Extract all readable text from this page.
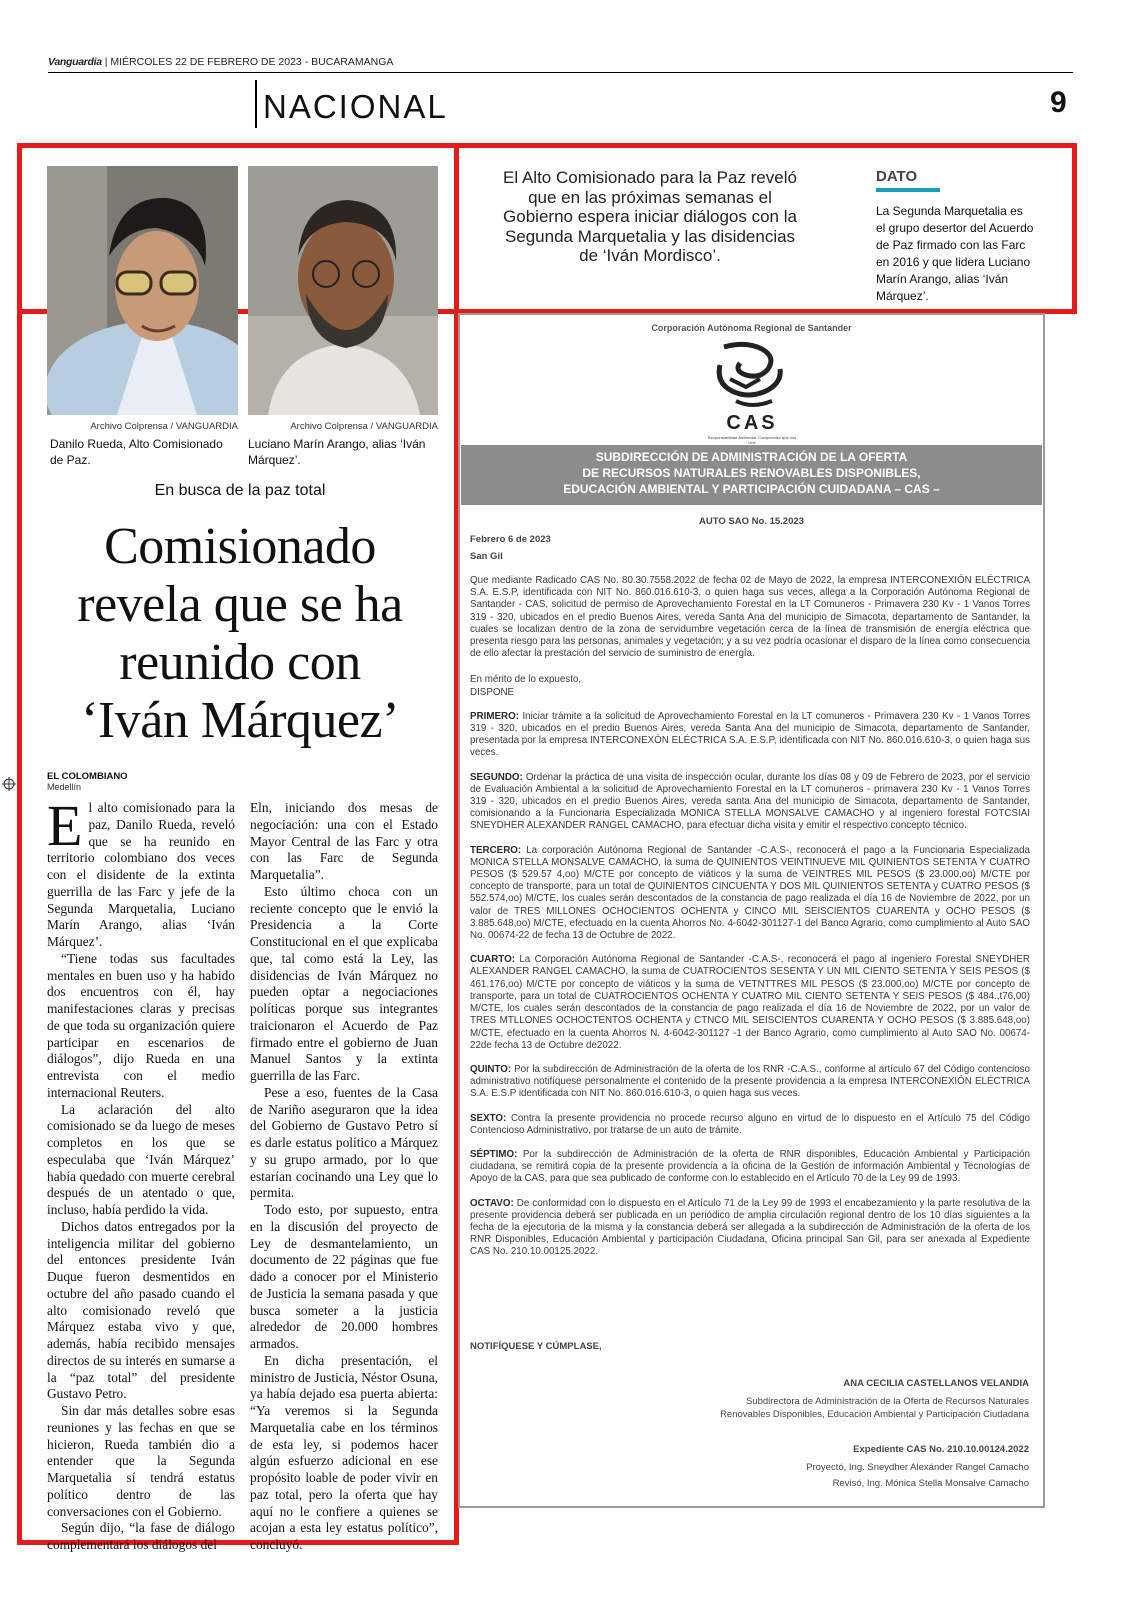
Vanguardia | MIÉRCOLES 22 DE FEBRERO DE 2023 - BUCARAMANGA
NACIONAL	9
Archivo Colprensa / VANGUARDIA
Danilo Rueda, Alto Comisionado de Paz.
Archivo Colprensa / VANGUARDIA
Luciano Marín Arango, alias ‘Iván Márquez’.
En busca de la paz total
Comisionado
revela que se ha
reunido con
‘Iván Márquez’
EL COLOMBIANO
Medellín

El alto comisionado para la paz, Danilo Rueda, reveló que se ha reunido en territorio colombiano dos veces con el disidente de la extinta guerrilla de las Farc y jefe de la Segunda Marquetalia, Luciano Marín Arango, alias ‘Iván Márquez’.

“Tiene todas sus facultades mentales en buen uso y ha habido dos encuentros con él, hay manifestaciones claras y precisas de que toda su organización quiere participar en escenarios de diálogos”, dijo Rueda en una entrevista con el medio internacional Reuters.

La aclaración del alto comisionado se da luego de meses completos en los que se especulaba que ‘Iván Márquez’ había quedado con muerte cerebral después de un atentado o que, incluso, había perdido la vida.

Dichos datos entregados por la inteligencia militar del gobierno del entonces presidente Iván Duque fueron desmentidos en octubre del año pasado cuando el alto comisionado reveló que Márquez estaba vivo y que, además, había recibido mensajes directos de su interés en sumarse a la “paz total” del presidente Gustavo Petro.

Sin dar más detalles sobre esas reuniones y las fechas en que se hicieron, Rueda también dio a entender que la Segunda Marquetalia sí tendrá estatus político dentro de las conversaciones con el Gobierno.

Según dijo, “la fase de diálogo complementará los diálogos del

Eln, iniciando dos mesas de negociación: una con el Estado Mayor Central de las Farc y otra con las Farc de Segunda Marquetalia”.

Esto último choca con un reciente concepto que le envió la Presidencia a la Corte Constitucional en el que explicaba que, tal como está la Ley, las disidencias de Iván Márquez no pueden optar a negociaciones políticas porque sus integrantes traicionaron el Acuerdo de Paz firmado entre el gobierno de Juan Manuel Santos y la extinta guerrilla de las Farc.

Pese a eso, fuentes de la Casa de Nariño aseguraron que la idea del Gobierno de Gustavo Petro sí es darle estatus político a Márquez y su grupo armado, por lo que estarían cocinando una Ley que lo permita.

Todo esto, por supuesto, entra en la discusión del proyecto de Ley de desmantelamiento, un documento de 22 páginas que fue dado a conocer por el Ministerio de Justicia la semana pasada y que busca someter a la justicia alrededor de 20.000 hombres armados.

En dicha presentación, el ministro de Justicia, Néstor Osuna, ya había dejado esa puerta abierta: “Ya veremos si la Segunda Marquetalia cabe en los términos de esta ley, si podemos hacer algún esfuerzo adicional en ese propósito loable de poder vivir en paz total, pero la oferta que hay aquí no le confiere a quienes se acojan a esta ley estatus político”, concluyó.

El Alto Comisionado para la Paz reveló que en las próximas semanas el Gobierno espera iniciar diálogos con la Segunda Marquetalia y las disidencias de ‘Iván Mordisco’.
DATO
La Segunda Marquetalia es el grupo desertor del Acuerdo de Paz firmado con las Farc en 2016 y que lidera Luciano Marín Arango, alias ‘Iván Márquez’.
Corporación Autónoma Regional de Santander
CAS
Responsabilidad Ambiental, Compromiso que nos Une
SUBDIRECCIÓN DE ADMINISTRACIÓN DE LA OFERTA
DE RECURSOS NATURALES RENOVABLES DISPONIBLES,
EDUCACIÓN AMBIENTAL Y PARTICIPACIÓN CUIDADANA – CAS –
AUTO SAO No. 15.2023
Febrero 6 de 2023
San Gil

Que mediante Radicado CAS No. 80.30.7558.2022 de fecha 02 de Mayo de 2022, la empresa INTERCONEXIÓN ELÉCTRICA S.A. E.S.P, identificada con NIT No. 860.016.610-3, o quien haga sus veces, allega a la Corporación Autónoma Regional de Santander - CAS, solicitud de permiso de Aprovechamiento Forestal en la LT Comuneros - Primavera 230 Kv - 1 Vanos Torres 319 - 320, ubicados en el predio Buenos Aires, vereda Santa Ana del municipio de Simacota, departamento de Santander, la cuales se localizan dentro de la zona de servidumbre vegetación cerca de la línea de transmisión de energía eléctrica que presenta riesgo para las personas, animales y vegetación; y a su vez podría ocasionar el disparo de la línea como consecuencia de ello afectar la prestación del servicio de suministro de energía.

En mérito de lo expuesto,

DISPONE

PRIMERO: Iniciar trámite a la solicitud de Aprovechamiento Forestal en la LT comuneros - Primavera 230 Kv - 1 Vanos Torres 319 - 320, ubicados en el predio Buenos Aires, vereda Santa Ana del municipio de Simacota, departamento de Santander, presentada por la empresa INTERCONEXÓN ELÉCTRICA S.A. E.S.P, identificada con NIT No. 860.016.610-3, o quien haga sus veces.

SEGUNDO: Ordenar la práctica de una visita de inspección ocular, durante los días 08 y 09 de Febrero de 2023, por el servicio de Evaluación Ambiental a la solicitud de Aprovechamiento Forestal en la LT comuneros - primavera 230 Kv - 1 Vanos Torres 319 - 320, ubicados en el predio Buenos Aires, vereda santa Ana del municipio de Simacota, departamento de Santander, comisionando a la Funcionaria Especializada MONICA STELLA MONSALVE CAMACHO y al ingeniero forestal FOTCSIAI SNEYDHER ALEXANDER RANGEL CAMACHO, para efectuar dicha visita y emitir el respectivo concepto técnico.

TERCERO: La corporación Autónoma Regional de Santander -C.A.S-, reconocerá el pago a la Funcionaria Especializada MONICA STELLA MONSALVE CAMACHO, la suma de QUINIENTOS VEINTINUEVE MIL QUINIENTOS SETENTA Y CUATRO PESOS ($ 529.57 4,oo) M/CTE por concepto de viáticos y la suma de VEINTRES MIL PESOS ($ 23.000,oo) M/CTE por concepto de transporte, para un total de QUINIENTOS CINCUENTA Y DOS MIL QUINIENTOS SETENTA y CUATRO PESOS ($ 552.574,oo) M/CTE, los cuales serán descontados de la constancia de pago realizada el día 16 de Noviembre de 2022, por un valor de TRES MILLONES OCHOCIENTOS OCHENTA y CINCO MIL SEISCIENTOS CUARENTA y OCHO PESOS ($ 3.885.648,oo) M/CTE, efectuado en la cuenta Ahorros No. 4-6042-301127-1 del Banco Agrario, como cumplimiento al Auto SAO No. 00674-22 de fecha 13 de Octubre de 2022.

CUARTO: La Corporación Autónoma Regional de Santander -C.A.S-, reconocerá el pago al ingeniero Forestal SNEYDHER ALEXANDER RANGEL CAMACHO, la suma de CUATROCIENTOS SESENTA Y UN MIL CIENTO SETENTA Y SEIS PESOS ($ 461.176,oo) M/CTE por concepto de viáticos y la suma de VETNTTRES MIL PESOS ($ 23.000,oo) M/CTE por concepto de transporte, para un total de CUATROCIENTOS OCHENTA Y CUATRO MIL CIENTO SETENTA Y SEIS PESOS ($ 484.,t76,00) M/CTE, los cuales serán descontados de la constancia de pago realizada el día 16 de Noviembre de 2022, por un valor de TRES MTLLONES OCHOCTENTOS OCHENTA y CTNCO MIL SEISCIENTOS CUARENTA Y OCHO PESOS ($ 3.885.648,oo) M/CTE, efectuado en la cuenta Ahorros N. 4-6042-301127 -1 der Banco Agrario, como cumplimiento al Auto SAO No. 00674-22de fecha 13 de Octubre de2022.

QUINTO: Por la subdirección de Administración de la oferta de los RNR -C.A.S., conforme al artículo 67 del Código contencioso administrativo notifíquese personalmente el contenido de la presente providencia a la empresa INTERCONEXIÓN ELÉCTRICA S.A. E.S.P identificada con NIT No. 860.016.610-3, o quien haga sus veces.

SEXTO: Contra la presente providencia no procede recurso alguno en virtud de lo dispuesto en el Artículo 75 del Código Contencioso Administrativo, por tratarse de un auto de trámite.

SÉPTIMO: Por la subdirección de Administración de la oferta de RNR disponibles, Educación Ambiental y Participación ciudadana, se remitirá copia de la presente providencia a la oficina de la Gestión de información Ambiental y Tecnologías de Apoyo de la CAS, para que sea publicado de conforme con lo establecido en el Artículo 70 de la Ley 99 de 1993.

OCTAVO: De conformidad con lo dispuesto en el Artículo 71 de la Ley 99 de 1993 el encabezamiento y la parte resolutiva de la presente providencia deberá ser publicada en un periódico de amplia circulación regional dentro de los 10 días siguientes a la fecha de la ejecutoria de la misma y la constancia deberá ser allegada a la subdirección de Administración de la oferta de los RNR Disponibles, Educación Ambiental y participación Ciudadana, Oficina principal San Gil, para ser anexada al Expediente CAS No. 210.10.00125.2022.

NOTIFÍQUESE Y CÚMPLASE,
ANA CECILIA CASTELLANOS VELANDIA
Subdirectora de Administración de la Oferta de Recursos Naturales
Renovables Disponibles, Educación Ambiental y Participación Ciudadana
Expediente CAS No. 210.10.00124.2022
Proyectó, Ing. Sneydher Alexánder Rangel Camacho
Revisó, Ing. Mónica Stella Monsalve Camacho
